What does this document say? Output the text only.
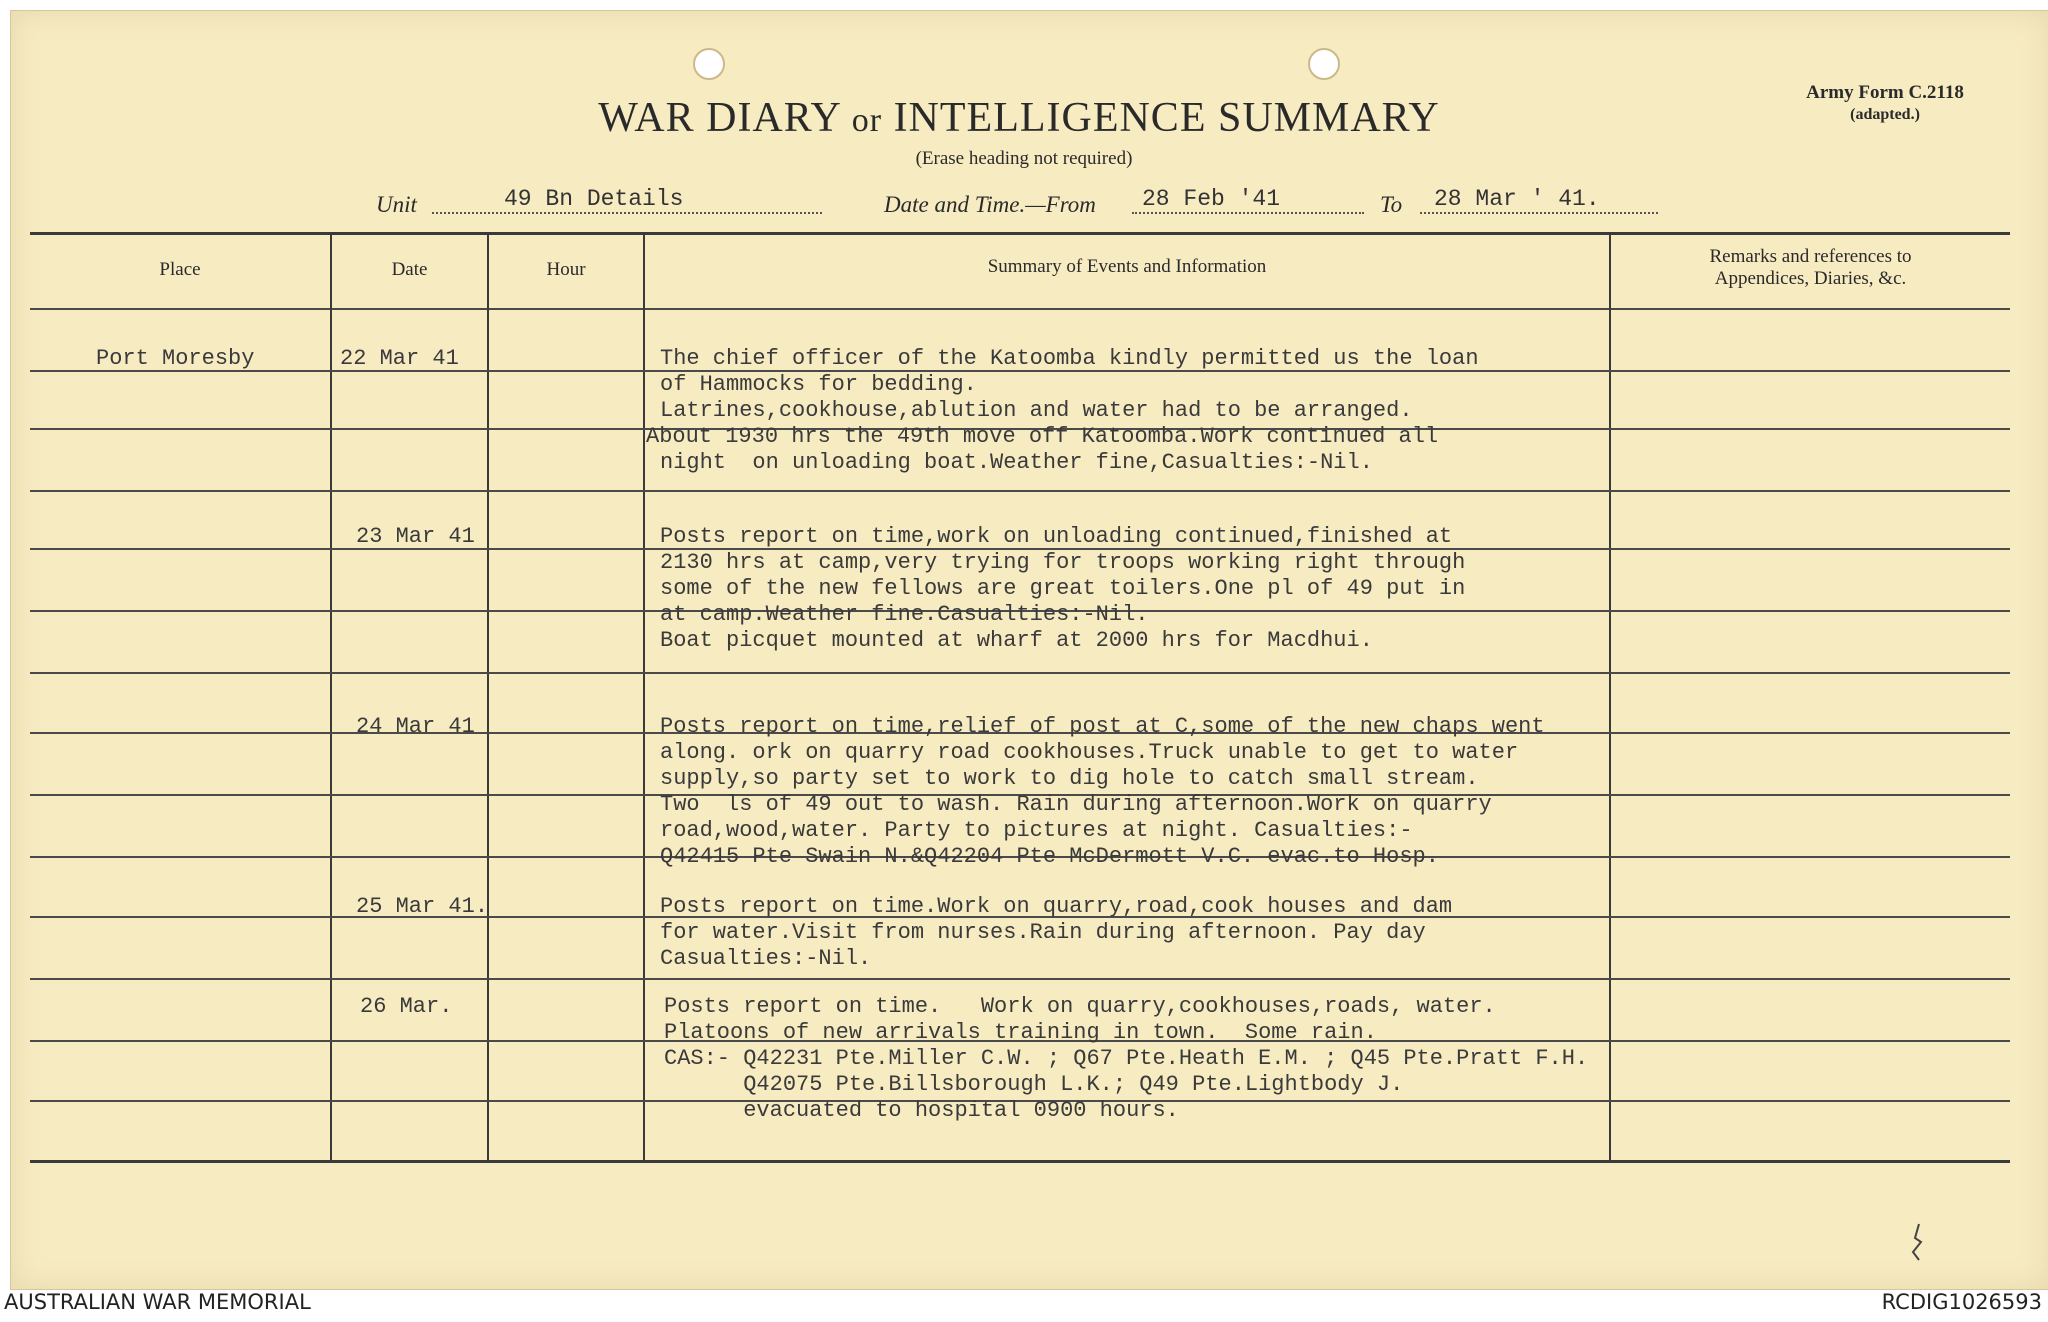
WAR DIARY or INTELLIGENCE SUMMARY
(Erase heading not required)
Army Form C.2118
(adapted.)
Unit	49 Bn Details	Date and Time.—From	28 Feb '41	To	28 Mar ' 41.
Place	Date	Hour	Summary of Events and Information	Remarks and references to
Appendices, Diaries, &c.
Port Moresby	22 Mar 41	The chief officer of the Katoomba kindly permitted us the loan
of Hammocks for bedding.
Latrines,cookhouse,ablution and water had to be arranged.
About 1930 hrs the 49th move off Katoomba.Work continued all
night  on unloading boat.Weather fine,Casualties:-Nil.
23 Mar 41	Posts report on time,work on unloading continued,finished at
2130 hrs at camp,very trying for troops working right through
some of the new fellows are great toilers.One pl of 49 put in
at camp.Weather fine.Casualties:-Nil.
Boat picquet mounted at wharf at 2000 hrs for Macdhui.
24 Mar 41	Posts report on time,relief of post at C,some of the new chaps went
along. ork on quarry road cookhouses.Truck unable to get to water
supply,so party set to work to dig hole to catch small stream.
Two  ls of 49 out to wash. Rain during afternoon.Work on quarry
road,wood,water. Party to pictures at night. Casualties:-
Q42415 Pte Swain N.&Q42204 Pte McDermott V.C. evac.to Hosp.
25 Mar 41.	Posts report on time.Work on quarry,road,cook houses and dam
for water.Visit from nurses.Rain during afternoon. Pay day
Casualties:-Nil.
26 Mar.	Posts report on time.   Work on quarry,cookhouses,roads, water.
Platoons of new arrivals training in town.  Some rain.
CAS:- Q42231 Pte.Miller C.W. ; Q67 Pte.Heath E.M. ; Q45 Pte.Pratt F.H.
Q42075 Pte.Billsborough L.K.; Q49 Pte.Lightbody J.
evacuated to hospital 0900 hours.
AUSTRALIAN WAR MEMORIAL	RCDIG1026593
